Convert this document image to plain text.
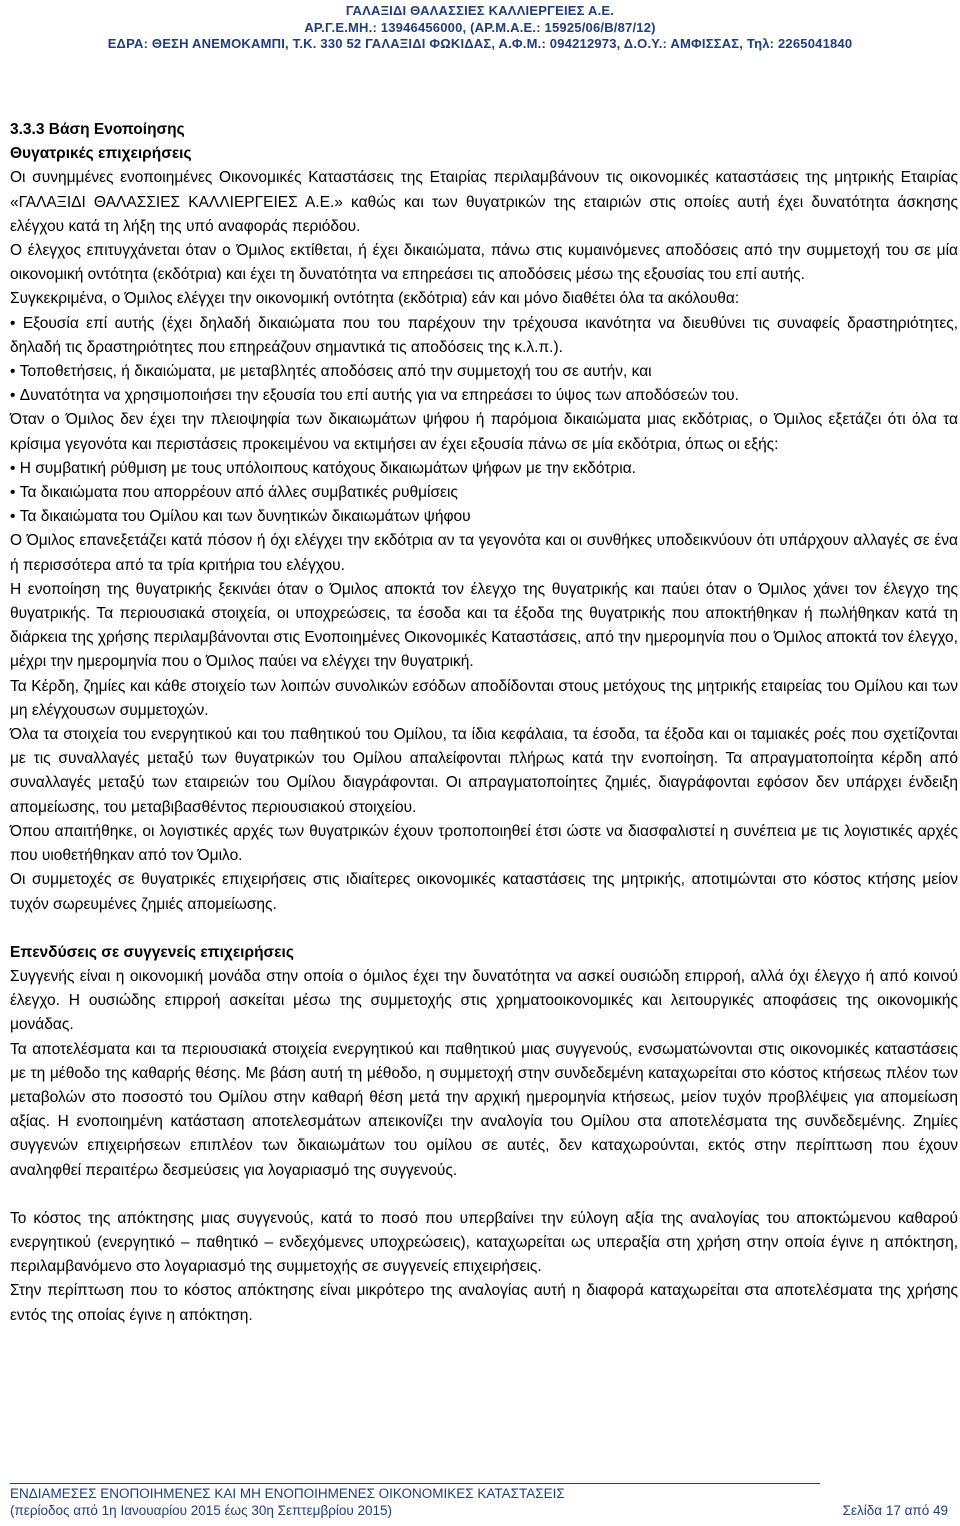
ΓΑΛΑΞΙΔΙ ΘΑΛΑΣΣΙΕΣ ΚΑΛΛΙΕΡΓΕΙΕΣ Α.Ε.
ΑΡ.Γ.Ε.ΜΗ.: 13946456000, (ΑΡ.Μ.Α.Ε.: 15925/06/Β/87/12)
ΕΔΡΑ: ΘΕΣΗ ΑΝΕΜΟΚΑΜΠΙ, Τ.Κ. 330 52 ΓΑΛΑΞΙΔΙ ΦΩΚΙΔΑΣ, Α.Φ.Μ.: 094212973, Δ.Ο.Υ.: ΑΜΦΙΣΣΑΣ, Τηλ: 2265041840

3.3.3 Βάση Ενοποίησης

Θυγατρικές επιχειρήσεις

Οι συνημμένες ενοποιημένες Οικονομικές Καταστάσεις της Εταιρίας περιλαμβάνουν τις οικονομικές καταστάσεις της μητρικής Εταιρίας «ΓΑΛΑΞΙΔΙ ΘΑΛΑΣΣΙΕΣ ΚΑΛΛΙΕΡΓΕΙΕΣ Α.Ε.» καθώς και των θυγατρικών της εταιριών στις οποίες αυτή έχει δυνατότητα άσκησης ελέγχου κατά τη λήξη της υπό αναφοράς περιόδου.

Ο έλεγχος επιτυγχάνεται όταν ο Όμιλος εκτίθεται, ή έχει δικαιώματα, πάνω στις κυμαινόμενες αποδόσεις από την συμμετοχή του σε μία οικονομική οντότητα (εκδότρια) και έχει τη δυνατότητα να επηρεάσει τις αποδόσεις μέσω της εξουσίας του επί αυτής.

Συγκεκριμένα, ο Όμιλος ελέγχει την οικονομική οντότητα (εκδότρια) εάν και μόνο διαθέτει όλα τα ακόλουθα:

• Εξουσία επί αυτής (έχει δηλαδή δικαιώματα που του παρέχουν την τρέχουσα ικανότητα να διευθύνει τις συναφείς δραστηριότητες, δηλαδή τις δραστηριότητες που επηρεάζουν σημαντικά τις αποδόσεις της κ.λ.π.).

• Τοποθετήσεις, ή δικαιώματα, με μεταβλητές αποδόσεις από την συμμετοχή του σε αυτήν, και

• Δυνατότητα να χρησιμοποιήσει την εξουσία του επί αυτής για να επηρεάσει το ύψος των αποδόσεών του.

Όταν ο Όμιλος δεν έχει την πλειοψηφία των δικαιωμάτων ψήφου ή παρόμοια δικαιώματα μιας εκδότριας, ο Όμιλος εξετάζει ότι όλα τα κρίσιμα γεγονότα και περιστάσεις προκειμένου να εκτιμήσει αν έχει εξουσία πάνω σε μία εκδότρια, όπως οι εξής:

• Η συμβατική ρύθμιση με τους υπόλοιπους κατόχους δικαιωμάτων ψήφων με την εκδότρια.

• Τα δικαιώματα που απορρέουν από άλλες συμβατικές ρυθμίσεις

• Τα δικαιώματα του Ομίλου και των δυνητικών δικαιωμάτων ψήφου

Ο Όμιλος επανεξετάζει κατά πόσον ή όχι ελέγχει την εκδότρια αν τα γεγονότα και οι συνθήκες υποδεικνύουν ότι υπάρχουν αλλαγές σε ένα ή περισσότερα από τα τρία κριτήρια του ελέγχου.

Η ενοποίηση της θυγατρικής ξεκινάει όταν ο Όμιλος αποκτά τον έλεγχο της θυγατρικής και παύει όταν ο Όμιλος χάνει τον έλεγχο της θυγατρικής. Τα περιουσιακά στοιχεία, οι υποχρεώσεις, τα έσοδα και τα έξοδα της θυγατρικής που αποκτήθηκαν ή πωλήθηκαν κατά τη διάρκεια της χρήσης περιλαμβάνονται στις Ενοποιημένες Οικονομικές Καταστάσεις, από την ημερομηνία που ο Όμιλος αποκτά τον έλεγχο, μέχρι την ημερομηνία που ο Όμιλος παύει να ελέγχει την θυγατρική.

Τα Κέρδη, ζημίες και κάθε στοιχείο των λοιπών συνολικών εσόδων αποδίδονται στους μετόχους της μητρικής εταιρείας του Ομίλου και των μη ελέγχουσων συμμετοχών.

Όλα τα στοιχεία του ενεργητικού και του παθητικού του Ομίλου, τα ίδια κεφάλαια, τα έσοδα, τα έξοδα και οι ταμιακές ροές που σχετίζονται με τις συναλλαγές μεταξύ των θυγατρικών του Ομίλου απαλείφονται πλήρως κατά την ενοποίηση. Τα απραγματοποίητα κέρδη από συναλλαγές μεταξύ των εταιρειών του Ομίλου διαγράφονται. Οι απραγματοποίητες ζημιές, διαγράφονται εφόσον δεν υπάρχει ένδειξη απομείωσης, του μεταβιβασθέντος περιουσιακού στοιχείου.

Όπου απαιτήθηκε, οι λογιστικές αρχές των θυγατρικών έχουν τροποποιηθεί έτσι ώστε να διασφαλιστεί η συνέπεια με τις λογιστικές αρχές που υιοθετήθηκαν από τον Όμιλο.

Οι συμμετοχές σε θυγατρικές επιχειρήσεις στις ιδιαίτερες οικονομικές καταστάσεις της μητρικής, αποτιμώνται στο κόστος κτήσης μείον τυχόν σωρευμένες ζημιές απομείωσης.

Επενδύσεις σε συγγενείς επιχειρήσεις

Συγγενής είναι η οικονομική μονάδα στην οποία ο όμιλος έχει την δυνατότητα να ασκεί ουσιώδη επιρροή, αλλά όχι έλεγχο ή από κοινού έλεγχο. Η ουσιώδης επιρροή ασκείται μέσω της συμμετοχής στις χρηματοοικονομικές και λειτουργικές αποφάσεις της οικονομικής μονάδας.

Τα αποτελέσματα και τα περιουσιακά στοιχεία ενεργητικού και παθητικού μιας συγγενούς, ενσωματώνονται στις οικονομικές καταστάσεις με τη μέθοδο της καθαρής θέσης. Με βάση αυτή τη μέθοδο, η συμμετοχή στην συνδεδεμένη καταχωρείται στο κόστος κτήσεως πλέον των μεταβολών στο ποσοστό του Ομίλου στην καθαρή θέση μετά την αρχική ημερομηνία κτήσεως, μείον τυχόν προβλέψεις για απομείωση αξίας. Η ενοποιημένη κατάσταση αποτελεσμάτων απεικονίζει την αναλογία του Ομίλου στα αποτελέσματα της συνδεδεμένης. Ζημίες συγγενών επιχειρήσεων επιπλέον των δικαιωμάτων του ομίλου σε αυτές, δεν καταχωρούνται, εκτός στην περίπτωση που έχουν αναληφθεί περαιτέρω δεσμεύσεις για λογαριασμό της συγγενούς.

Το κόστος της απόκτησης μιας συγγενούς, κατά το ποσό που υπερβαίνει την εύλογη αξία της αναλογίας του αποκτώμενου καθαρού ενεργητικού (ενεργητικό – παθητικό – ενδεχόμενες υποχρεώσεις), καταχωρείται ως υπεραξία στη χρήση στην οποία έγινε η απόκτηση, περιλαμβανόμενο στο λογαριασμό της συμμετοχής σε συγγενείς επιχειρήσεις.

Στην περίπτωση που το κόστος απόκτησης είναι μικρότερο της αναλογίας αυτή η διαφορά καταχωρείται στα αποτελέσματα της χρήσης εντός της οποίας έγινε η απόκτηση.

ΕΝΔΙΑΜΕΣΕΣ ΕΝΟΠΟΙΗΜΕΝΕΣ ΚΑΙ ΜΗ ΕΝΟΠΟΙΗΜΕΝΕΣ ΟΙΚΟΝΟΜΙΚΕΣ ΚΑΤΑΣΤΑΣΕΙΣ
(περίοδος από 1η Ιανουαρίου 2015 έως 30η Σεπτεμβρίου 2015)	Σελίδα 17 από 49
